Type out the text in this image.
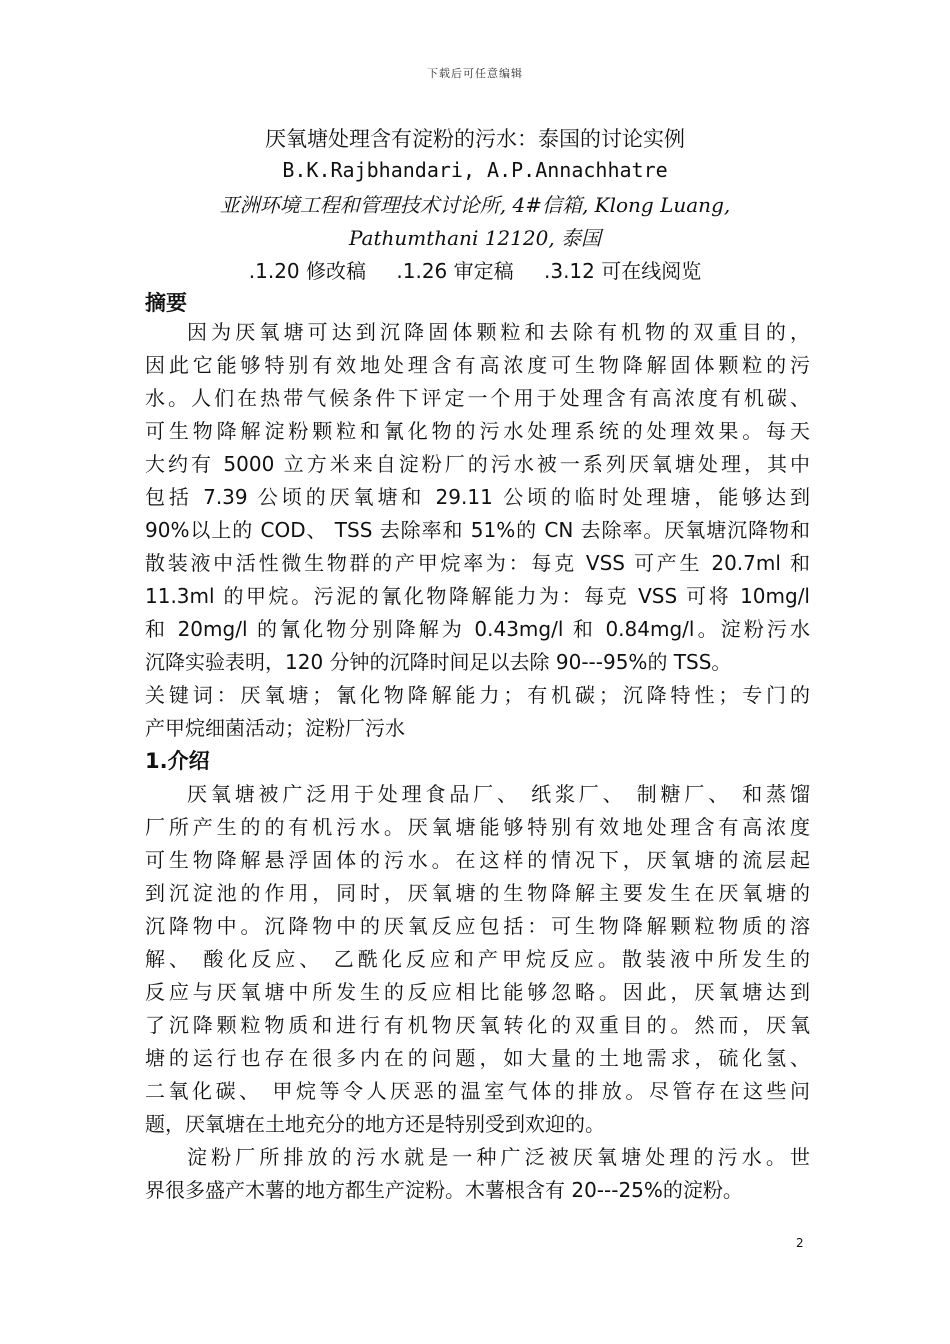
下载后可任意编辑
厌氧塘处理含有淀粉的污水：泰国的讨论实例
B.K.Rajbhandari, A.P.Annachhatre
亚洲环境工程和管理技术讨论所, 4#信箱, Klong Luang,
Pathumthani 12120, 泰国
.1.20 修改稿 .1.26 审定稿 .3.12 可在线阅览
摘要
因为厌氧塘可达到沉降固体颗粒和去除有机物的双重目的，
因此它能够特别有效地处理含有高浓度可生物降解固体颗粒的污
水。人们在热带气候条件下评定一个用于处理含有高浓度有机碳、
可生物降解淀粉颗粒和氰化物的污水处理系统的处理效果。每天
大约有 5000 立方米来自淀粉厂的污水被一系列厌氧塘处理，其中
包括 7.39 公顷的厌氧塘和 29.11 公顷的临时处理塘，能够达到
90%以上的 COD、 TSS 去除率和 51%的 CN 去除率。厌氧塘沉降物和
散装液中活性微生物群的产甲烷率为：每克 VSS 可产生 20.7ml 和
11.3ml 的甲烷。污泥的氰化物降解能力为：每克 VSS 可将 10mg/l
和 20mg/l 的氰化物分别降解为 0.43mg/l 和 0.84mg/l。淀粉污水
沉降实验表明，120 分钟的沉降时间足以去除 90---95%的 TSS。
关键词：厌氧塘；氰化物降解能力；有机碳；沉降特性；专门的
产甲烷细菌活动；淀粉厂污水
1.介绍
厌氧塘被广泛用于处理食品厂、 纸浆厂、 制糖厂、 和蒸馏
厂所产生的的有机污水。厌氧塘能够特别有效地处理含有高浓度
可生物降解悬浮固体的污水。在这样的情况下，厌氧塘的流层起
到沉淀池的作用，同时，厌氧塘的生物降解主要发生在厌氧塘的
沉降物中。沉降物中的厌氧反应包括：可生物降解颗粒物质的溶
解、 酸化反应、 乙酰化反应和产甲烷反应。散装液中所发生的
反应与厌氧塘中所发生的反应相比能够忽略。因此，厌氧塘达到
了沉降颗粒物质和进行有机物厌氧转化的双重目的。然而，厌氧
塘的运行也存在很多内在的问题，如大量的土地需求，硫化氢、
二氧化碳、 甲烷等令人厌恶的温室气体的排放。尽管存在这些问
题，厌氧塘在土地充分的地方还是特别受到欢迎的。
淀粉厂所排放的污水就是一种广泛被厌氧塘处理的污水。世
界很多盛产木薯的地方都生产淀粉。木薯根含有 20---25%的淀粉。
2
